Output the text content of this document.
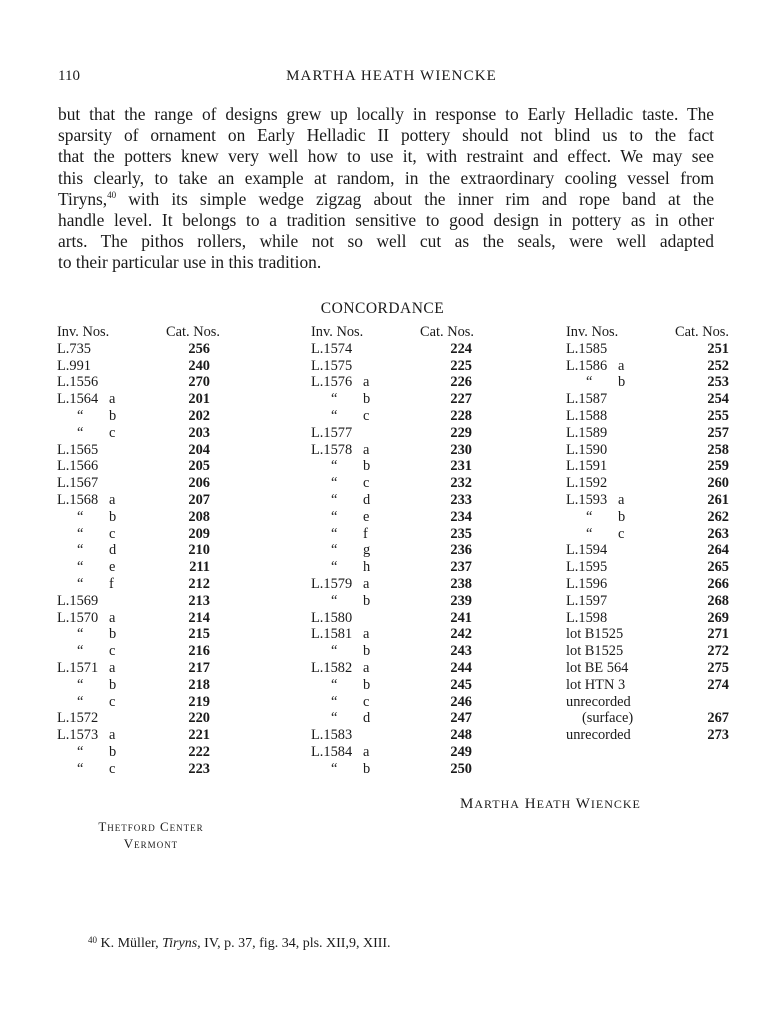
110	MARTHA HEATH WIENCKE
but that the range of designs grew up locally in response to Early Helladic taste. The
sparsity of ornament on Early Helladic II pottery should not blind us to the fact
that the potters knew very well how to use it, with restraint and effect. We may see
this clearly, to take an example at random, in the extraordinary cooling vessel from
Tiryns,$^{40}$ with its simple wedge zigzag about the inner rim and rope band at the
handle level. It belongs to a tradition sensitive to good design in pottery as in other
arts. The pithos rollers, while not so well cut as the seals, were well adapted
to their particular use in this tradition.
CONCORDANCE
Inv. Nos.	Cat. Nos.
L.735	256
L.991	240
L.1556	270
L.1564 a	201
“ b	202
“ c	203
L.1565	204
L.1566	205
L.1567	206
L.1568 a	207
“ b	208
“ c	209
“ d	210
“ e	211
“ f	212
L.1569	213
L.1570 a	214
“ b	215
“ c	216
L.1571 a	217
“ b	218
“ c	219
L.1572	220
L.1573 a	221
“ b	222
“ c	223
Inv. Nos.	Cat. Nos.
L.1574	224
L.1575	225
L.1576 a	226
“ b	227
“ c	228
L.1577	229
L.1578 a	230
“ b	231
“ c	232
“ d	233
“ e	234
“ f	235
“ g	236
“ h	237
L.1579 a	238
“ b	239
L.1580	241
L.1581 a	242
“ b	243
L.1582 a	244
“ b	245
“ c	246
“ d	247
L.1583	248
L.1584 a	249
“ b	250
Inv. Nos.	Cat. Nos.
L.1585	251
L.1586 a	252
“ b	253
L.1587	254
L.1588	255
L.1589	257
L.1590	258
L.1591	259
L.1592	260
L.1593 a	261
“ b	262
“ c	263
L.1594	264
L.1595	265
L.1596	266
L.1597	268
L.1598	269
lot B1525	271
lot B1525	272
lot BE 564	275
lot HTN 3	274
unrecorded
(surface)	267
unrecorded	273
MARTHA HEATH WIENCKE
Thetford Center
Vermont
$^{40}$ K. Müller, Tiryns, IV, p. 37, fig. 34, pls. XII,9, XIII.
